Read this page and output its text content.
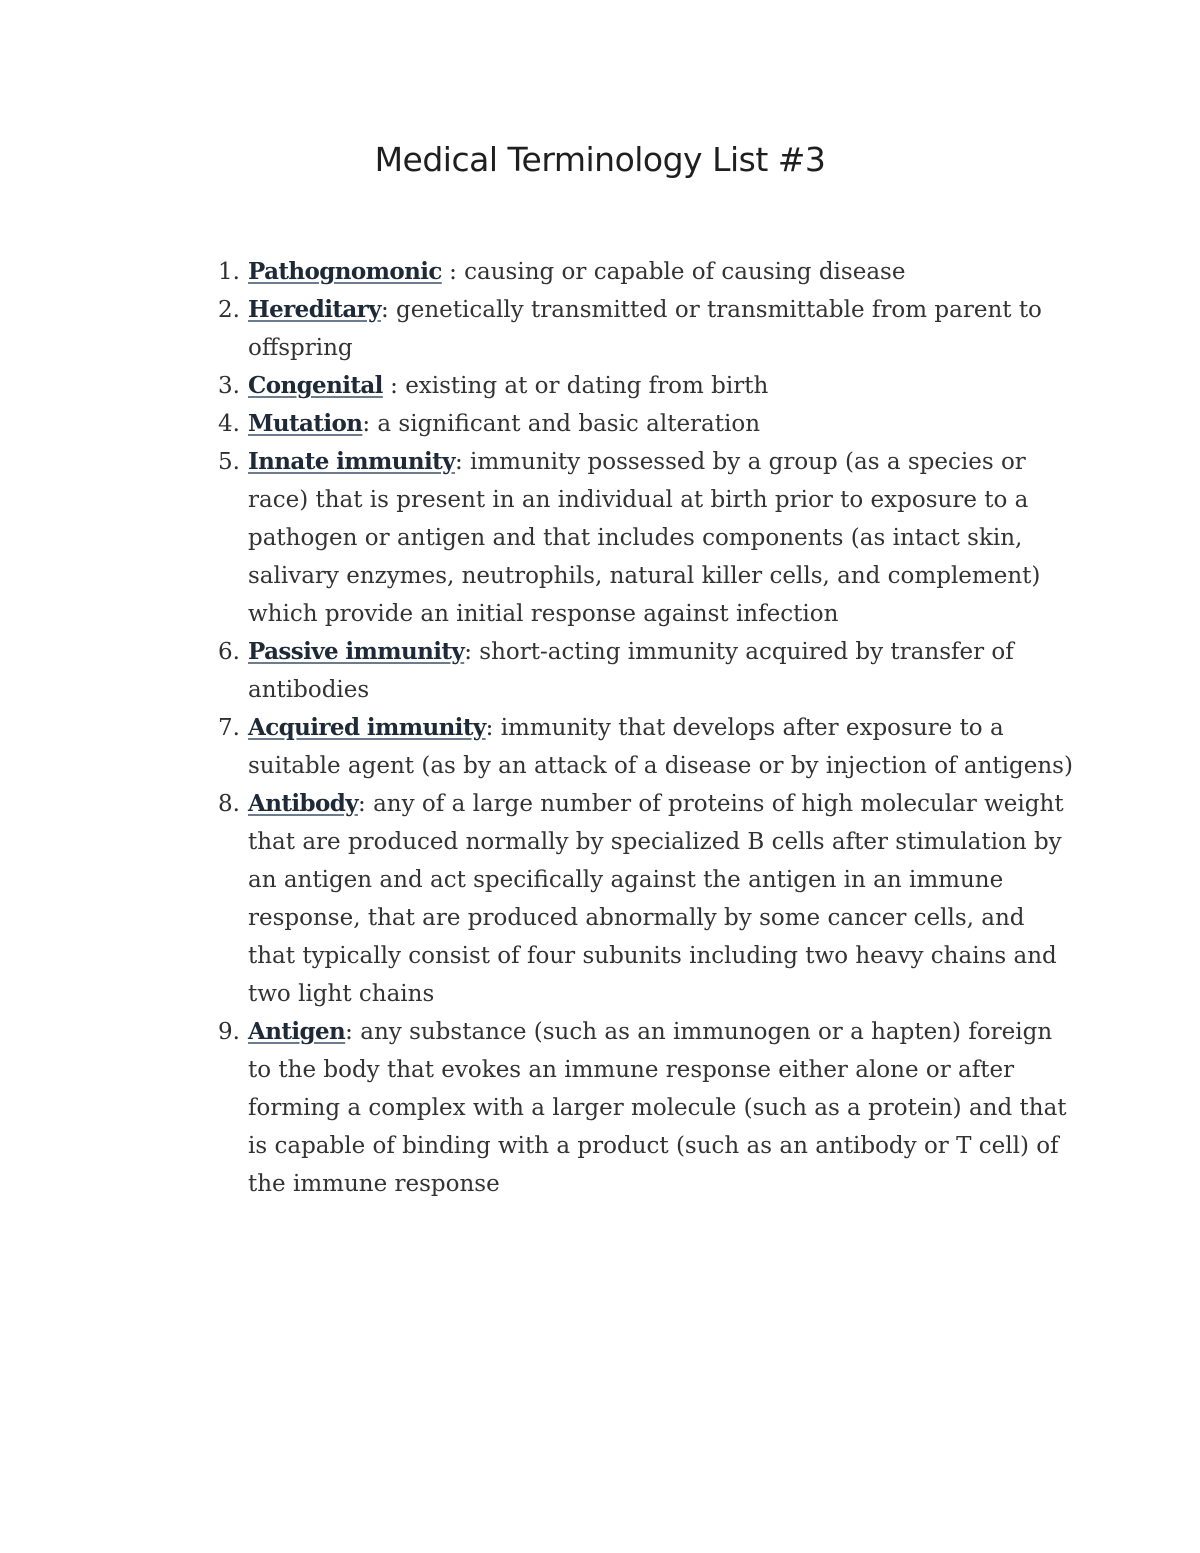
Medical Terminology List #3
1. Pathognomonic : causing or capable of causing disease
2. Hereditary: genetically transmitted or transmittable from parent to offspring
3. Congenital : existing at or dating from birth
4. Mutation: a significant and basic alteration
5. Innate immunity: immunity possessed by a group (as a species or race) that is present in an individual at birth prior to exposure to a pathogen or antigen and that includes components (as intact skin, salivary enzymes, neutrophils, natural killer cells, and complement) which provide an initial response against infection
6. Passive immunity: short-acting immunity acquired by transfer of antibodies
7. Acquired immunity: immunity that develops after exposure to a suitable agent (as by an attack of a disease or by injection of antigens)
8. Antibody: any of a large number of proteins of high molecular weight that are produced normally by specialized B cells after stimulation by an antigen and act specifically against the antigen in an immune response, that are produced abnormally by some cancer cells, and that typically consist of four subunits including two heavy chains and two light chains
9. Antigen: any substance (such as an immunogen or a hapten) foreign to the body that evokes an immune response either alone or after forming a complex with a larger molecule (such as a protein) and that is capable of binding with a product (such as an antibody or T cell) of the immune response
